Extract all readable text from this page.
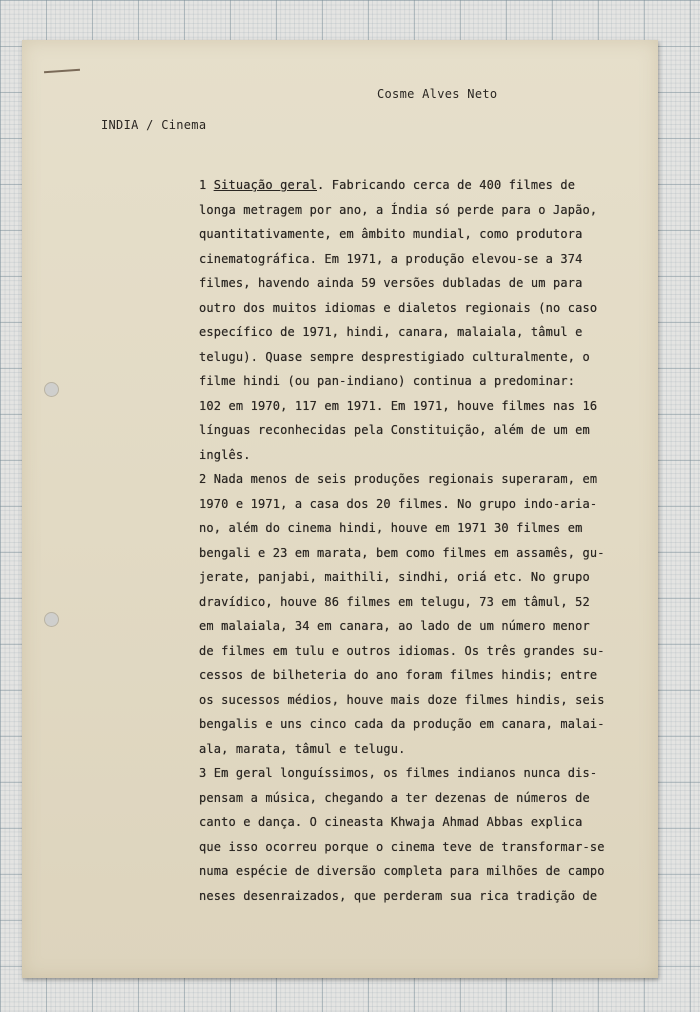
Cosme Alves Neto
INDIA / Cinema
1 Situação geral. Fabricando cerca de 400 filmes de
longa metragem por ano, a Índia só perde para o Japão,
quantitativamente, em âmbito mundial, como produtora
cinematográfica. Em 1971, a produção elevou-se a 374
filmes, havendo ainda 59 versões dubladas de um para
outro dos muitos idiomas e dialetos regionais (no caso
específico de 1971, hindi, canara, malaiala, tâmul e
telugu). Quase sempre desprestigiado culturalmente, o
filme hindi (ou pan-indiano) continua a predominar:
102 em 1970, 117 em 1971. Em 1971, houve filmes nas 16
línguas reconhecidas pela Constituição, além de um em
inglês.
2 Nada menos de seis produções regionais superaram, em
1970 e 1971, a casa dos 20 filmes. No grupo indo-aria-
no, além do cinema hindi, houve em 1971 30 filmes em
bengali e 23 em marata, bem como filmes em assamês, gu-
jerate, panjabi, maithili, sindhi, oriá etc. No grupo
dravídico, houve 86 filmes em telugu, 73 em tâmul, 52
em malaiala, 34 em canara, ao lado de um número menor
de filmes em tulu e outros idiomas. Os três grandes su-
cessos de bilheteria do ano foram filmes hindis; entre
os sucessos médios, houve mais doze filmes hindis, seis
bengalis e uns cinco cada da produção em canara, malai-
ala, marata, tâmul e telugu.
3 Em geral longuíssimos, os filmes indianos nunca dis-
pensam a música, chegando a ter dezenas de números de
canto e dança. O cineasta Khwaja Ahmad Abbas explica
que isso ocorreu porque o cinema teve de transformar-se
numa espécie de diversão completa para milhões de campo
neses desenraizados, que perderam sua rica tradição de
